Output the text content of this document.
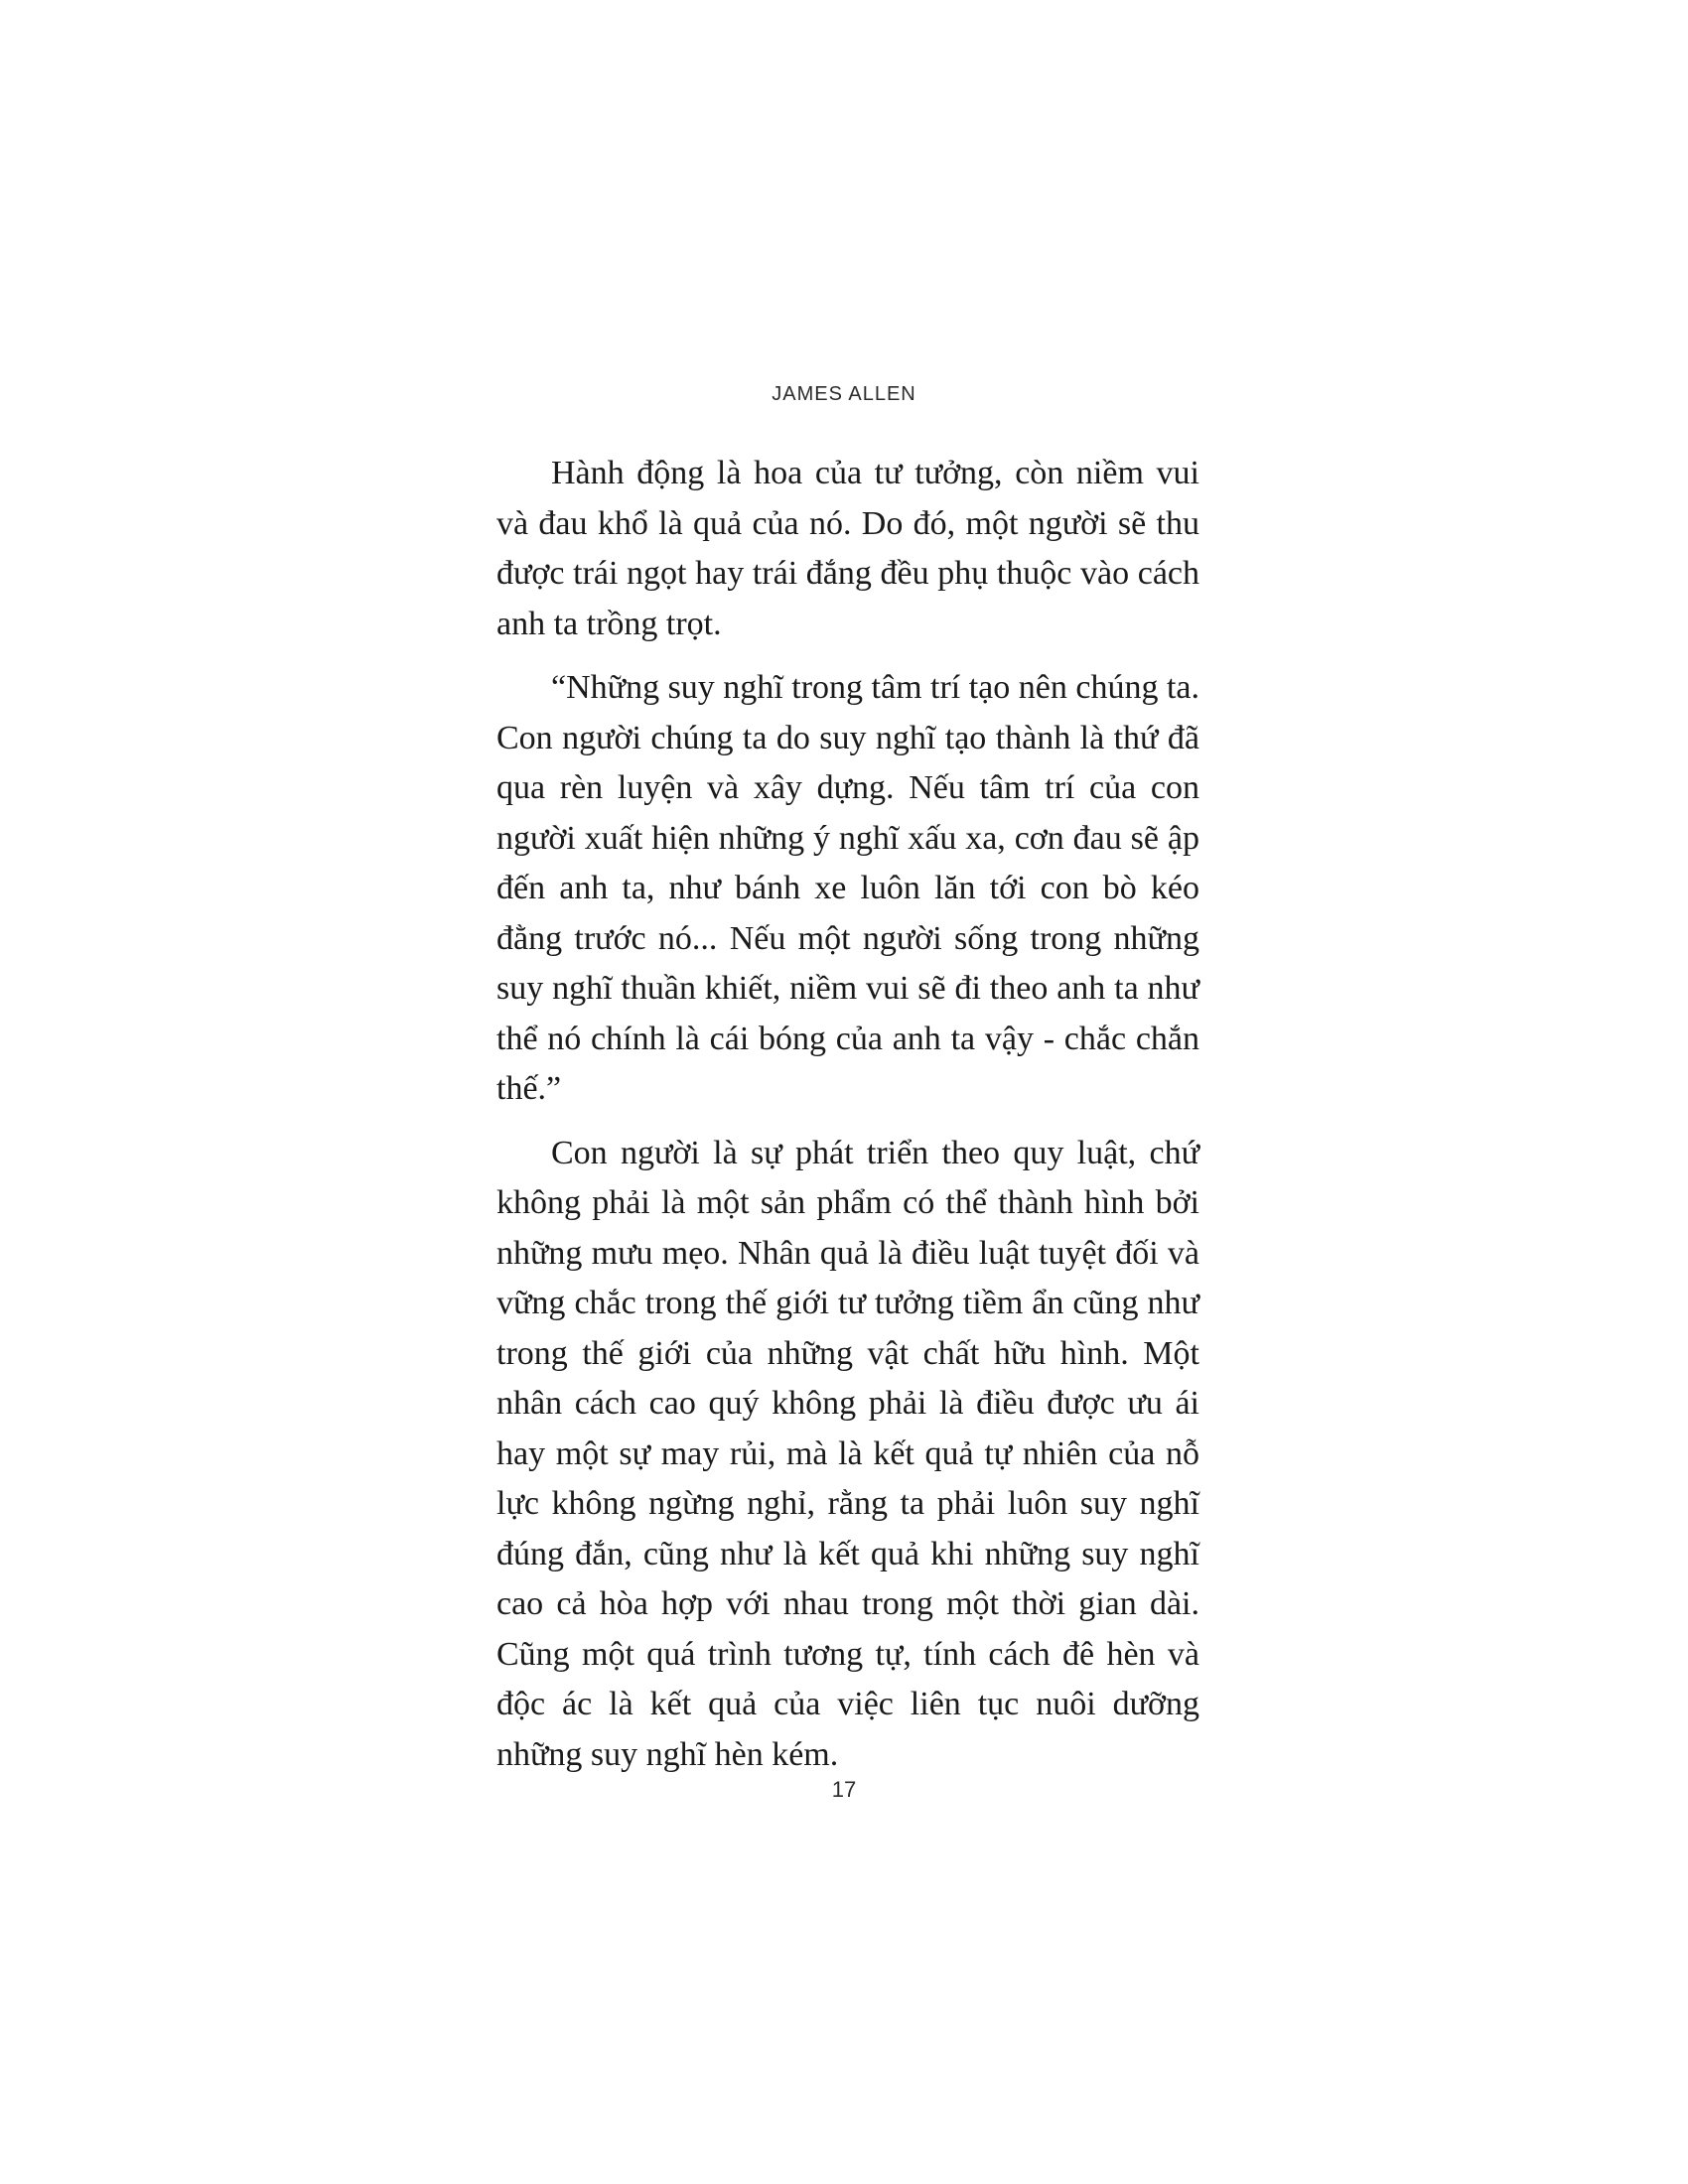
JAMES ALLEN

Hành động là hoa của tư tưởng, còn niềm vui và đau khổ là quả của nó. Do đó, một người sẽ thu được trái ngọt hay trái đắng đều phụ thuộc vào cách anh ta trồng trọt.

“Những suy nghĩ trong tâm trí tạo nên chúng ta. Con người chúng ta do suy nghĩ tạo thành là thứ đã qua rèn luyện và xây dựng. Nếu tâm trí của con người xuất hiện những ý nghĩ xấu xa, cơn đau sẽ ập đến anh ta, như bánh xe luôn lăn tới con bò kéo đằng trước nó... Nếu một người sống trong những suy nghĩ thuần khiết, niềm vui sẽ đi theo anh ta như thể nó chính là cái bóng của anh ta vậy - chắc chắn thế.”

Con người là sự phát triển theo quy luật, chứ không phải là một sản phẩm có thể thành hình bởi những mưu mẹo. Nhân quả là điều luật tuyệt đối và vững chắc trong thế giới tư tưởng tiềm ẩn cũng như trong thế giới của những vật chất hữu hình. Một nhân cách cao quý không phải là điều được ưu ái hay một sự may rủi, mà là kết quả tự nhiên của nỗ lực không ngừng nghỉ, rằng ta phải luôn suy nghĩ đúng đắn, cũng như là kết quả khi những suy nghĩ cao cả hòa hợp với nhau trong một thời gian dài. Cũng một quá trình tương tự, tính cách đê hèn và độc ác là kết quả của việc liên tục nuôi dưỡng những suy nghĩ hèn kém.

17
